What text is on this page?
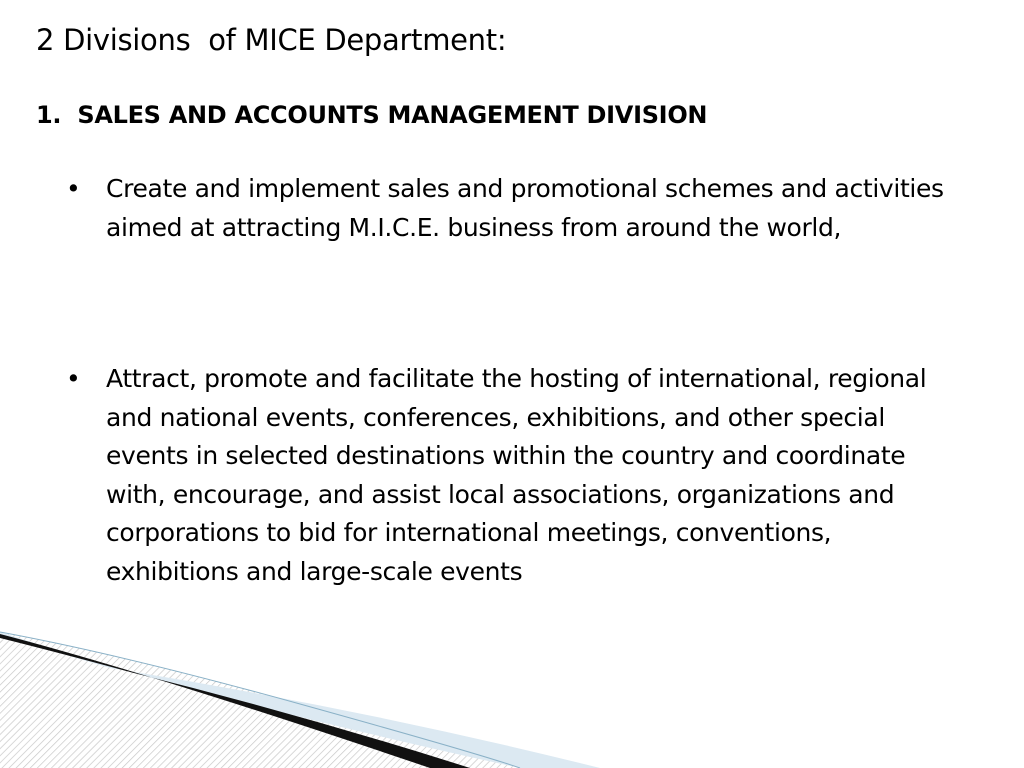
2 Divisions  of MICE Department:
1.  SALES AND ACCOUNTS MANAGEMENT DIVISION
• Create and implement sales and promotional schemes and activities aimed at attracting M.I.C.E. business from around the world,
• Attract, promote and facilitate the hosting of international, regional and national events, conferences, exhibitions, and other special events in selected destinations within the country and coordinate with, encourage, and assist local associations, organizations and corporations to bid for international meetings, conventions, exhibitions and large-scale events
